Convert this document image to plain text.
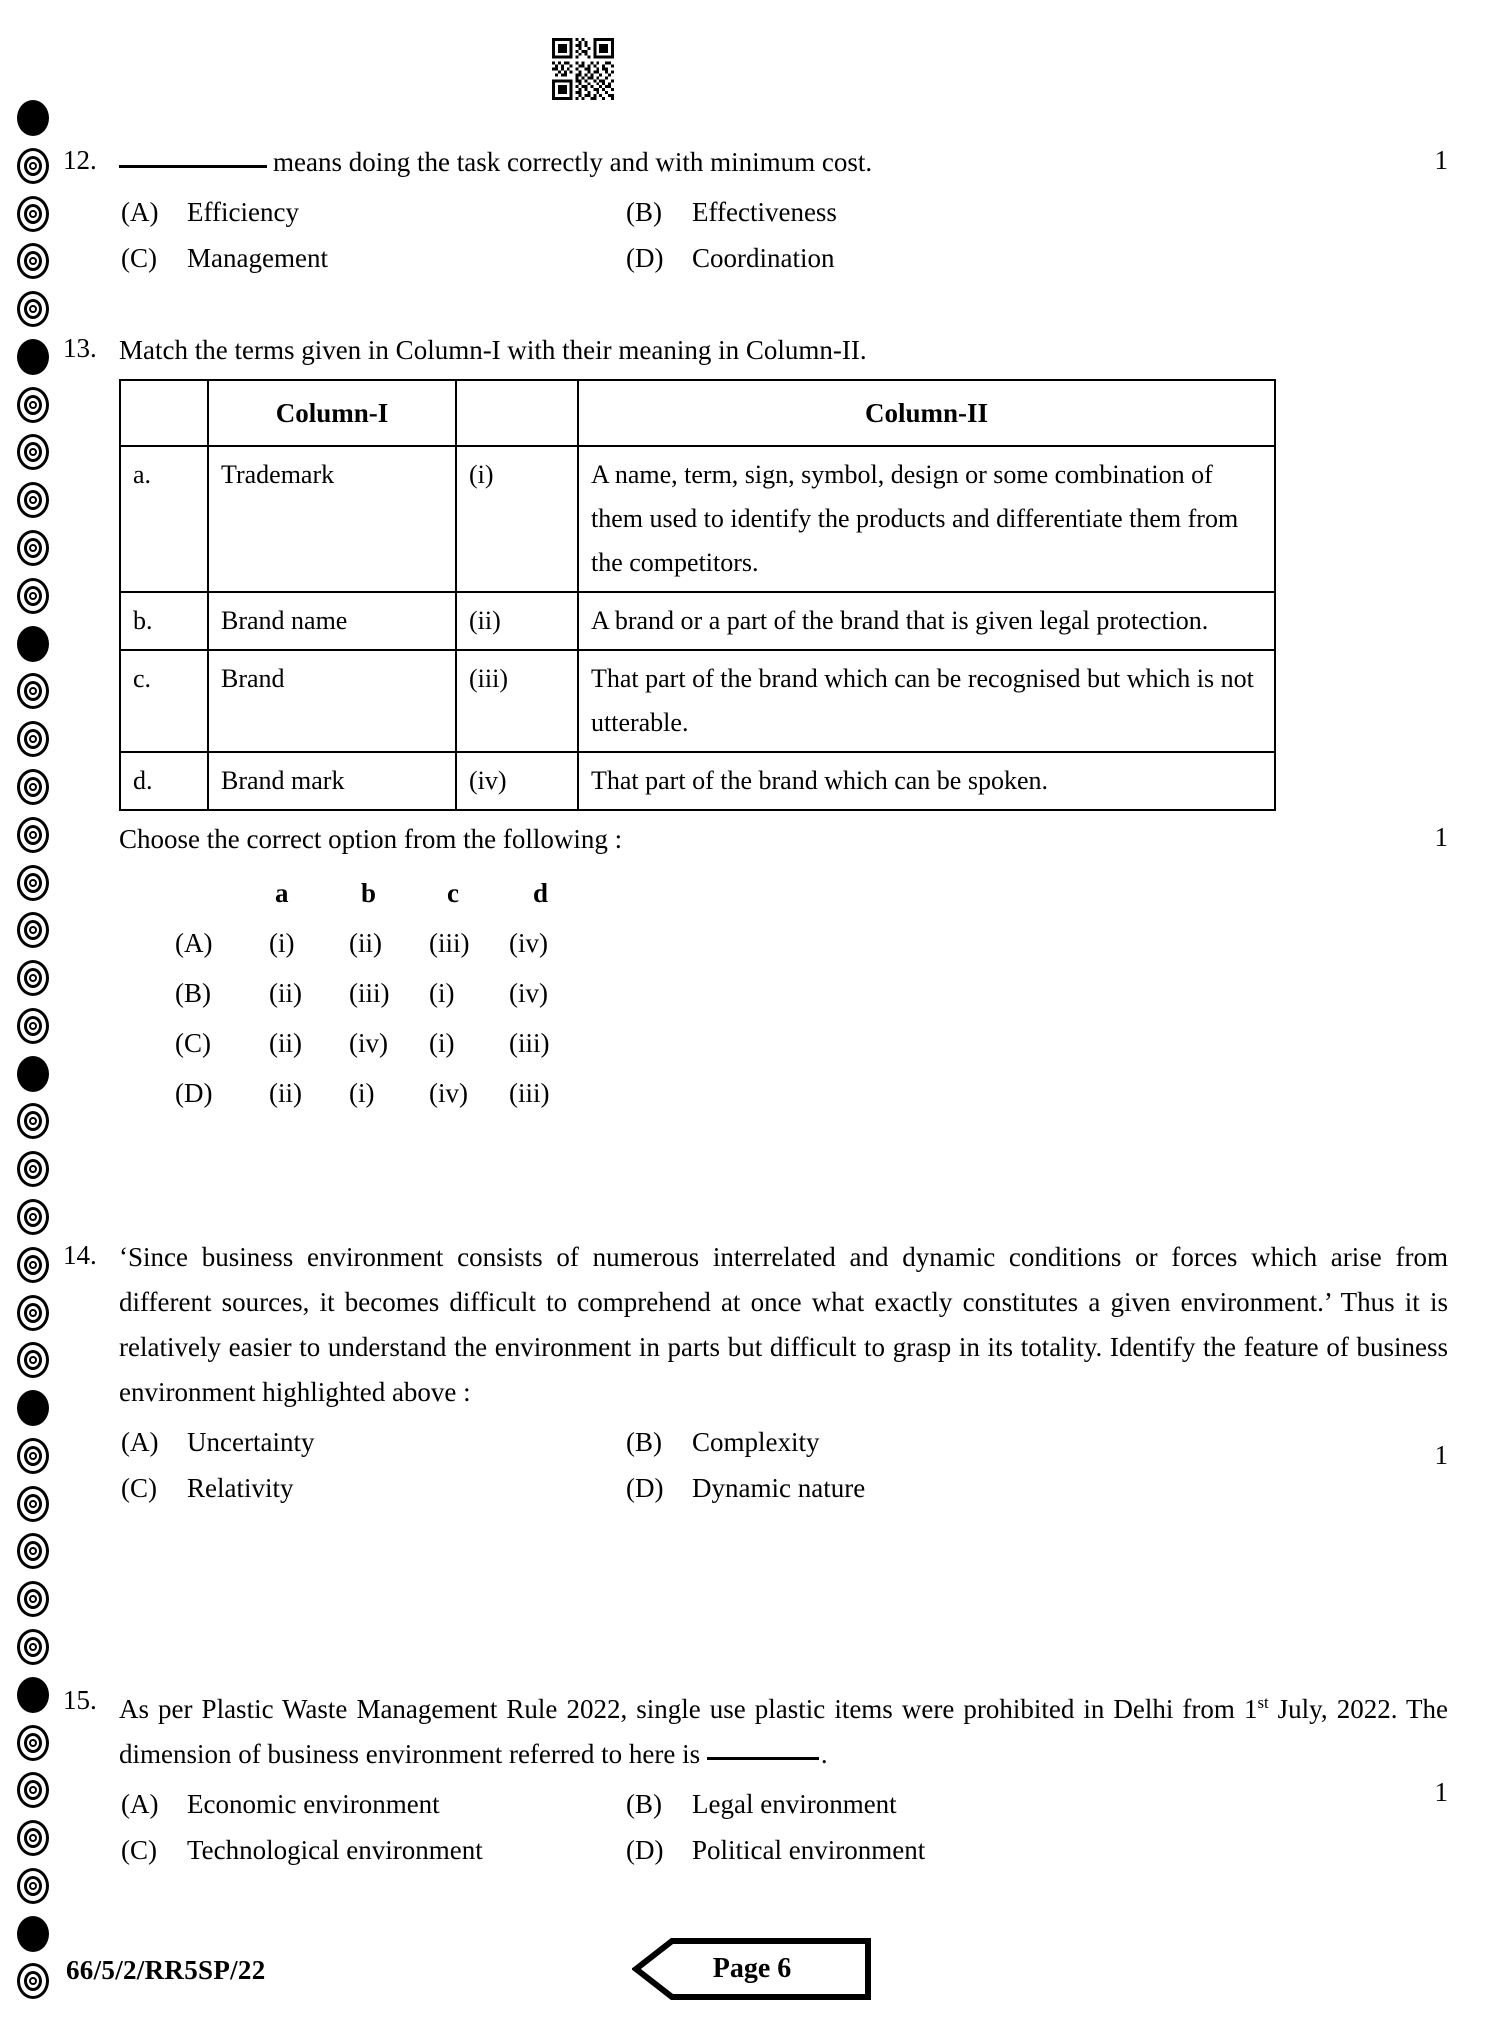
1
12.	means doing the task correctly and with minimum cost.
(A)	Efficiency	(B)	Effectiveness
(C)	Management	(D)	Coordination
13. Match the terms given in Column-I with their meaning in Column-II.
	Column-I		Column-II
a.	Trademark	(i)	A name, term, sign, symbol, design or some combination of them used to identify the products and differentiate them from the competitors.
b.	Brand name	(ii)	A brand or a part of the brand that is given legal protection.
c.	Brand	(iii)	That part of the brand which can be recognised but which is not utterable.
d.	Brand mark	(iv)	That part of the brand which can be spoken.
1
Choose the correct option from the following :
a	b	c	d
(A)	(i)	(ii)	(iii)	(iv)
(B)	(ii)	(iii)	(i)	(iv)
(C)	(ii)	(iv)	(i)	(iii)
(D)	(ii)	(i)	(iv)	(iii)
1
14. ‘Since business environment consists of numerous interrelated and dynamic conditions or forces which arise from different sources, it becomes difficult to comprehend at once what exactly constitutes a given environment.’ Thus it is relatively easier to understand the environment in parts but difficult to grasp in its totality. Identify the feature of business environment highlighted above :
(A)	Uncertainty	(B)	Complexity
(C)	Relativity	(D)	Dynamic nature
1
15. As per Plastic Waste Management Rule 2022, single use plastic items were prohibited in Delhi from 1st July, 2022. The dimension of business environment referred to here is	.
(A)	Economic environment	(B)	Legal environment
(C)	Technological environment	(D)	Political environment
66/5/2/RR5SP/22	Page 6
